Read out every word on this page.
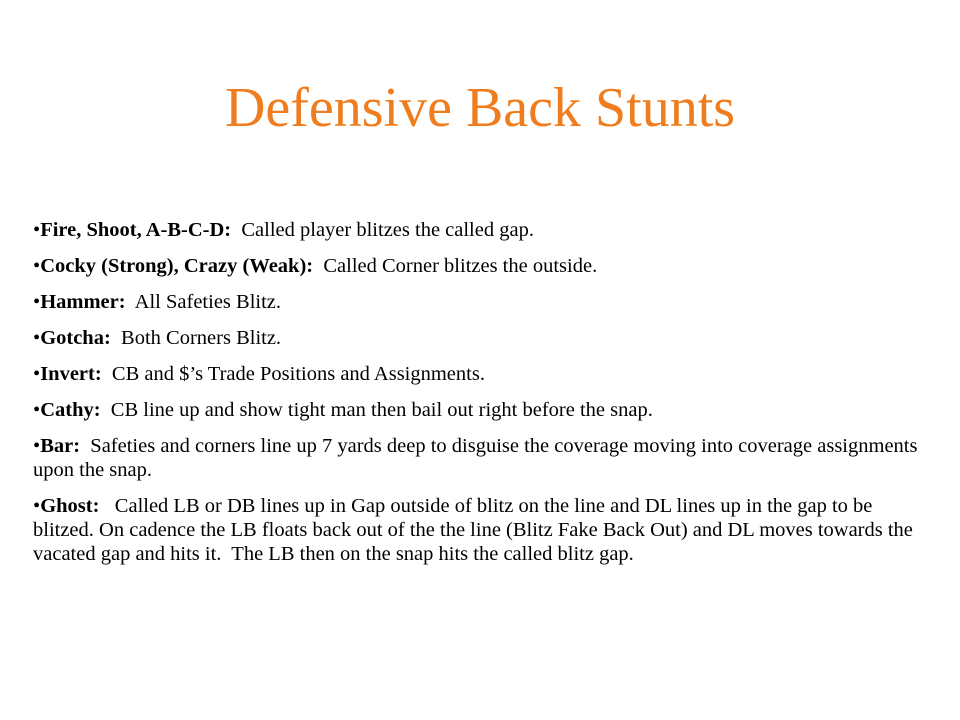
Defensive Back Stunts
•Fire, Shoot, A-B-C-D:  Called player blitzes the called gap.
•Cocky (Strong), Crazy (Weak):  Called Corner blitzes the outside.
•Hammer:  All Safeties Blitz.
•Gotcha:  Both Corners Blitz.
•Invert:  CB and $’s Trade Positions and Assignments.
•Cathy:  CB line up and show tight man then bail out right before the snap.
•Bar:  Safeties and corners line up 7 yards deep to disguise the coverage moving into coverage assignments upon the snap.
•Ghost:   Called LB or DB lines up in Gap outside of blitz on the line and DL lines up in the gap to be blitzed. On cadence the LB floats back out of the the line (Blitz Fake Back Out) and DL moves towards the vacated gap and hits it.  The LB then on the snap hits the called blitz gap.
